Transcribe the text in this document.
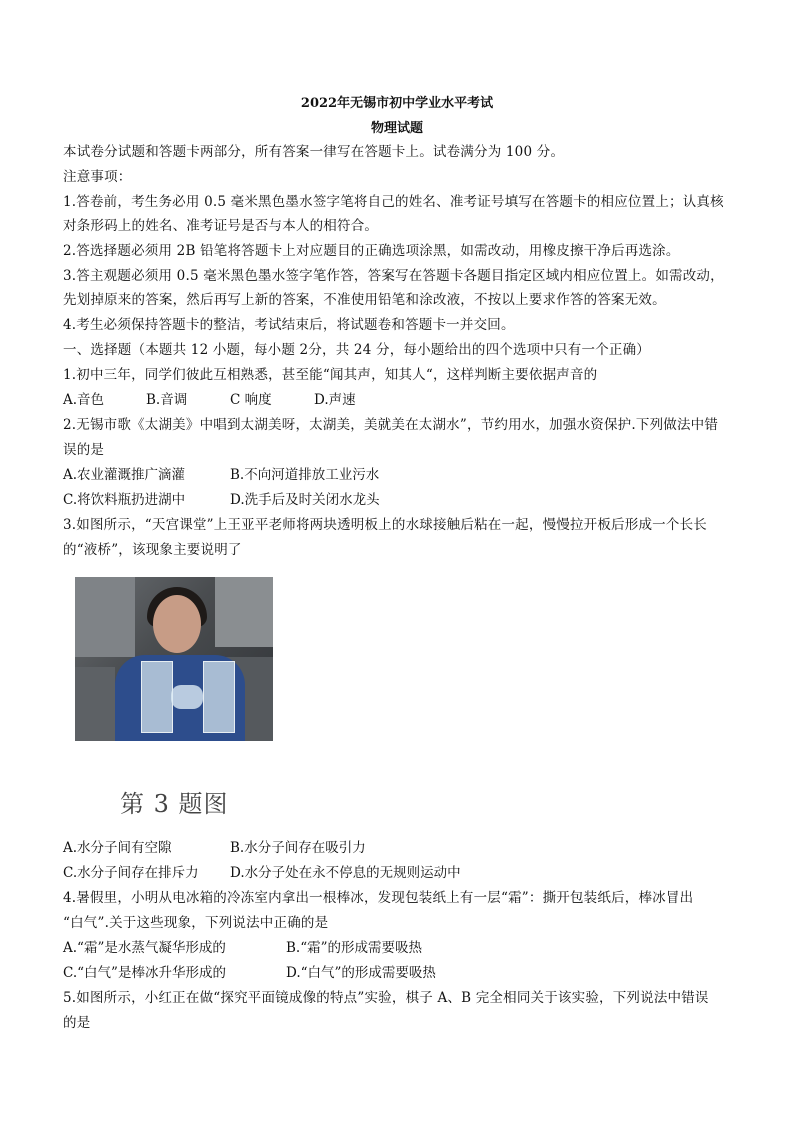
2022年无锡市初中学业水平考试
物理试题
本试卷分试题和答题卡两部分，所有答案一律写在答题卡上。试卷满分为 100 分。
注意事项：
1.答卷前，考生务必用 0.5 毫米黑色墨水签字笔将自己的姓名、准考证号填写在答题卡的相应位置上；认真核
对条形码上的姓名、准考证号是否与本人的相符合。
2.答选择题必须用 2B 铅笔将答题卡上对应题目的正确选项涂黑，如需改动，用橡皮擦干净后再选涂。
3.答主观题必须用 0.5 毫米黑色墨水签字笔作答，答案写在答题卡各题目指定区域内相应位置上。如需改动，
先划掉原来的答案，然后再写上新的答案，不准使用铅笔和涂改液，不按以上要求作答的答案无效。
4.考生必须保持答题卡的整洁，考试结束后，将试题卷和答题卡一并交回。
一、选择题（本题共 12 小题，每小题 2分，共 24 分，每小题给出的四个选项中只有一个正确）
1.初中三年，同学们彼此互相熟悉，甚至能“闻其声，知其人“，这样判断主要依据声音的
A.音色	B.音调	C 响度	D.声速
2.无锡市歌《太湖美》中唱到太湖美呀，太湖美，美就美在太湖水”，节约用水，加强水资保护.下列做法中错
误的是
A.农业灌溉推广滴灌	B.不向河道排放工业污水
C.将饮料瓶扔进湖中	D.洗手后及时关闭水龙头
3.如图所示，“天宫课堂”上王亚平老师将两块透明板上的水球接触后粘在一起，慢慢拉开板后形成一个长长
的“液桥”，该现象主要说明了
第 3 题图
A.水分子间有空隙	B.水分子间存在吸引力
C.水分子间存在排斥力 D.水分子处在永不停息的无规则运动中
4.暑假里，小明从电冰箱的冷冻室内拿出一根棒冰，发现包装纸上有一层“霜”：撕开包装纸后，棒冰冒出
“白气”.关于这些现象，下列说法中正确的是
A.“霜”是水蒸气凝华形成的	B.“霜”的形成需要吸热
C.“白气”是棒冰升华形成的	D.“白气”的形成需要吸热
5.如图所示，小红正在做“探究平面镜成像的特点”实验，棋子 A、B 完全相同关于该实验，下列说法中错误
的是
